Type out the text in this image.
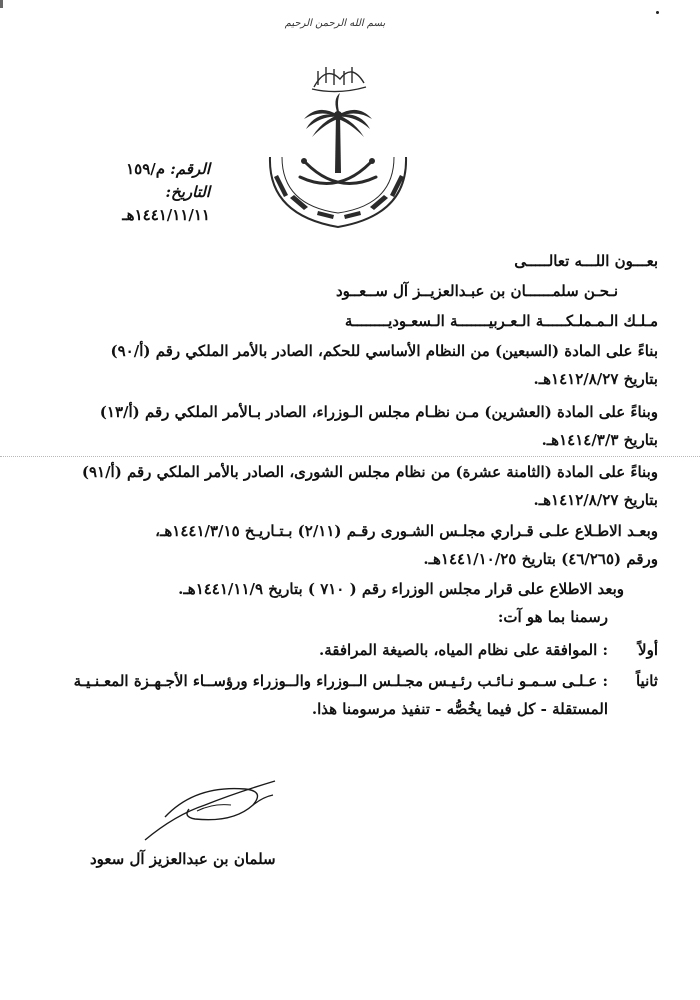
بسم الله الرحمن الرحيم
الرقم: م/١٥٩
التاريخ: ١٤٤١/١١/١١هـ
بعـــون اللـــه تعالـــــى
نـحـن سلمــــــان بن عبـدالعزيــز آل ســعــود
مـلـك الـمـملـكـــــة الـعـربيـــــــة الـسعـوديــــــــة
بناءً على المادة (السبعين) من النظام الأساسي للحكم، الصادر بالأمر الملكي رقم (أ/٩٠)
بتاريخ ١٤١٢/٨/٢٧هـ.
وبناءً على المادة (العشرين) مـن نظـام مجلس الـوزراء، الصادر بـالأمر الملكي رقم (أ/١٣)
بتاريخ ١٤١٤/٣/٣هـ.
وبناءً على المادة (الثامنة عشرة) من نظام مجلس الشورى، الصادر بالأمر الملكي رقم (أ/٩١)
بتاريخ ١٤١٢/٨/٢٧هـ.
وبعـد الاطـلاع علـى قـراري مجلـس الشـورى رقـم (٢/١١) بـتـاريـخ ١٤٤١/٣/١٥هـ،
ورقم (٤٦/٢٦٥) بتاريخ ١٤٤١/١٠/٢٥هـ.
وبعد الاطلاع على قرار مجلس الوزراء رقم ( ٧١٠ ) بتاريخ ١٤٤١/١١/٩هـ.
رسمنا بما هو آت:
أولاً
: الموافقة على نظام المياه، بالصيغة المرافقة.
ثانياً
: عـلـى سـمـو نـائـب رئـيـس مجـلـس الــوزراء والــوزراء ورؤســاء الأجـهـزة المعـنـيـة
المستقلة - كل فيما يخُصُّه - تنفيذ مرسومنا هذا.
سلمان بن عبدالعزيز آل سعود
